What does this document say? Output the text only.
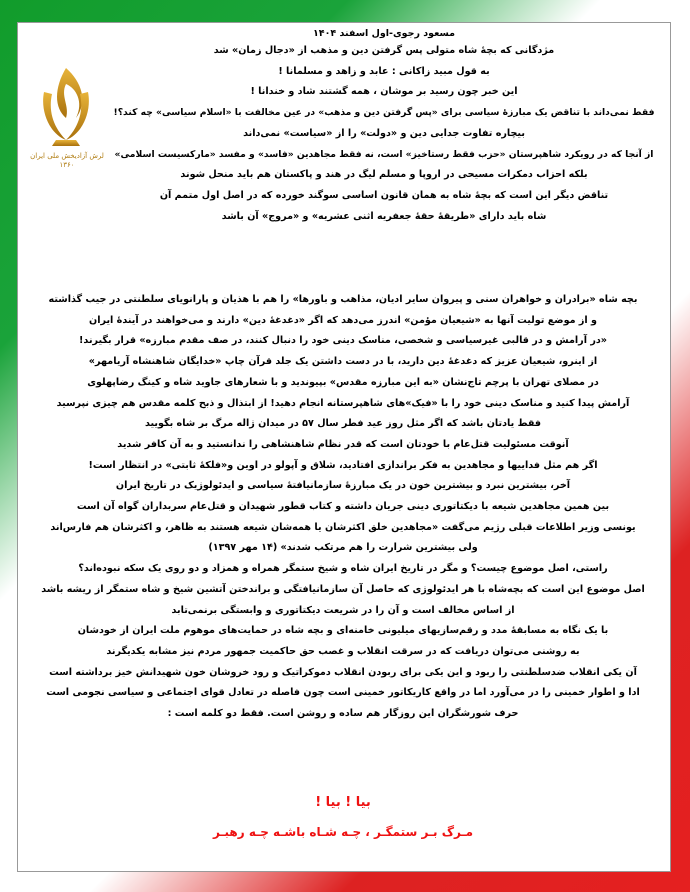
لرش آزادیخش ملی ایران
۱۳۶۰
مسعود رجوی-اول اسفند ۱۴۰۴
مژدگانی که بچهٔ شاه متولی پس گرفتن دین و مذهب از «دجال زمان» شد
به قول مبید زاکانی : عابد و زاهد و مسلمانا !
این خبر چون رسید بر موشان ، همه گشتند شاد و خندانا !
فقط نمی‌داند با تناقض یک مبارزهٔ سیاسی برای «پس گرفتن دین و مذهب» در عین مخالفت با «اسلام سیاسی» چه کند؟!
بیچاره تفاوت جدایی دین و «دولت» را از «سیاست» نمی‌داند
از آنجا که در رویکرد شاهپرستان «حزب فقط رستاخیز» است، نه فقط مجاهدین «فاسد» و مفسد «مارکسیست اسلامی»
بلکه احزاب دمکرات مسیحی در اروپا و مسلم لیگ در هند و پاکستان هم باید منحل شوند
تناقض دیگر این است که بچهٔ شاه به همان قانون اساسی سوگند خورده که در اصل اول متمم آن
شاه باید دارای «طریقهٔ حقهٔ جعفریه اثنی عشریه» و «مروج» آن باشد
بچه شاه «برادران و خواهران سنی و پیروان سایر ادیان، مذاهب و باورها» را هم با هذیان و پارانویای سلطنتی در جیب گذاشته
و از موضع تولیت آنها به «شیعیان مؤمن» اندرز می‌دهد که اگر «دغدغهٔ دین» دارند و می‌خواهند در آیندهٔ ایران
«در آرامش و در قالبی غیرسیاسی و شخصی، مناسک دینی خود را دنبال کنند، در صف مقدم مبارزه» قرار بگیرند!
از اینرو، شیعیان عزیز که دغدغهٔ دین دارید، با در دست داشتن یک جلد قرآن چاپ «خدایگان شاهنشاه آریامهر»
در مصلای تهران با پرچم تاج‌نشان «به این مبارزه مقدس» بپیوندید و با شعارهای جاوید شاه و کینگ رضاپهلوی
آرامش پیدا کنید و مناسک دینی خود را با «فیک»های شاهپرستانه انجام دهید! از ابتذال و ذبح کلمه مقدس هم چیزی نپرسید
فقط یادتان باشد که اگر مثل روز عید فطر سال ۵۷ در میدان ژاله مرگ بر شاه بگویید
آنوقت مسئولیت قتل‌عام با خودتان است که قدر نظام شاهنشاهی را ندانستید و به آن کافر شدید
اگر هم مثل فداییها و مجاهدین به فکر براندازی افتادید، شلاق و آپولو در اوین و«فلکهٔ ثابتی» در انتظار است!
آخر، بیشترین نبرد و بیشترین خون در یک مبارزهٔ سازمانیافتهٔ سیاسی و ایدئولوژیک در تاریخ ایران
بین همین مجاهدین شیعه با دیکتاتوری دینی جریان داشته و کتاب قطور شهیدان و قتل‌عام سربداران گواه آن است
یونسی وزیر اطلاعات قبلی رژیم می‌گفت «مجاهدین خلق اکثرشان یا همه‌شان شیعه هستند به ظاهر، و اکثرشان هم فارس‌اند
ولی بیشترین شرارت را هم مرتکب شدند» (۱۴ مهر ۱۳۹۷)
راستی، اصل موضوع چیست؟ و مگر در تاریخ ایران شاه و شیخ ستمگر همراه و همزاد و دو روی یک سکه نبوده‌اند؟
اصل موضوع این است که بچه‌شاه با هر ایدئولوژی که حاصل آن سازمانیافتگی و براندختن آتشین شیخ و شاه ستمگر از ریشه باشد
از اساس مخالف است و آن را در شریعت دیکتاتوری و وابستگی برنمی‌تابد
با یک نگاه به مسابقهٔ مدد و رقم‌سازیهای میلیونی خامنه‌ای و بچه شاه در حمایت‌های موهوم ملت ایران از خودشان
به روشنی می‌توان دریافت که در سرقت انقلاب و غصب حق حاکمیت جمهور مردم نیز مشابه یکدیگرند
آن یکی انقلاب ضدسلطنتی را ربود و این یکی برای ربودن انقلاب دموکراتیک و رود خروشان خون شهیدانش خیز برداشته است
ادا و اطوار خمینی را در می‌آورد اما در واقع کاریکاتور خمینی است چون فاصله در تعادل قوای اجتماعی و سیاسی نجومی است
حرف شورشگران این روزگار هم ساده و روشن است. فقط دو کلمه است :
بیا ! بیا !
مـرگ بـر ستمگـر ، چـه شـاه باشـه چـه رهبـر
